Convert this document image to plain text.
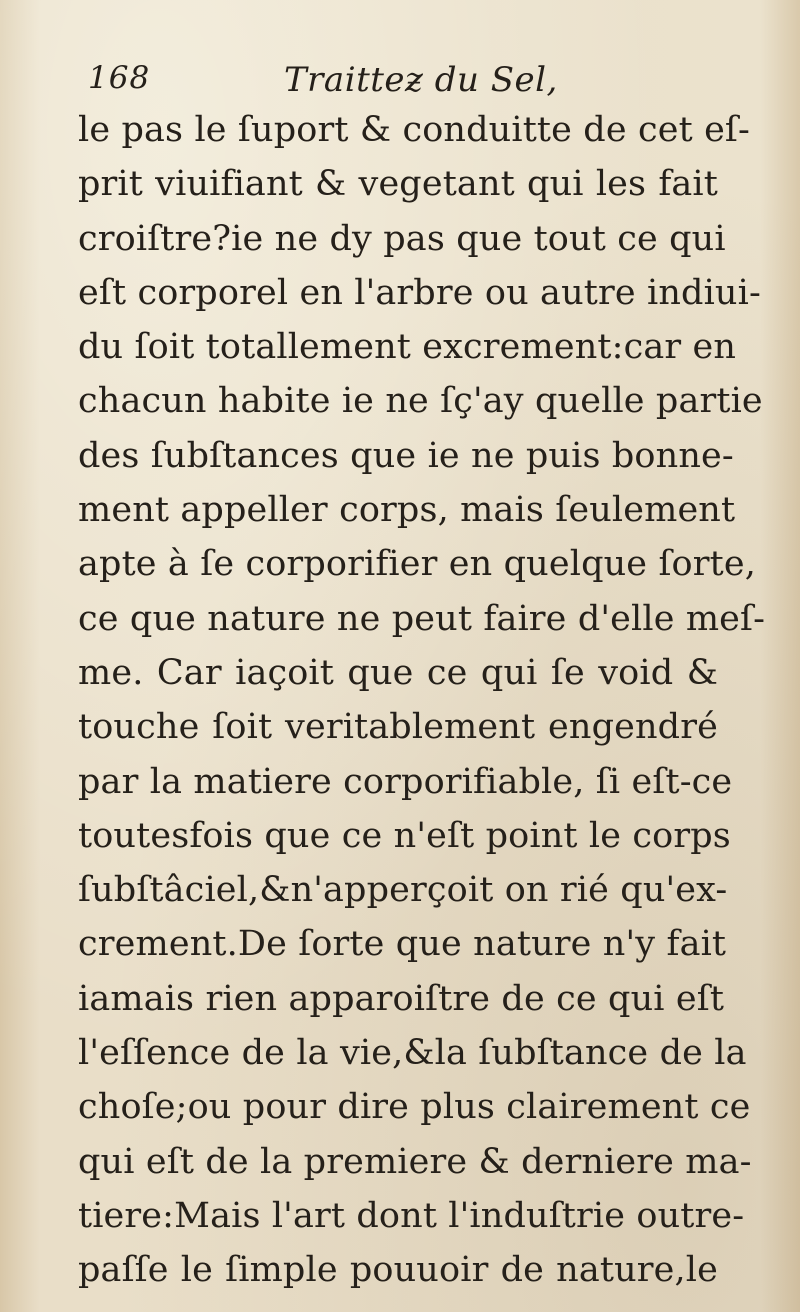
168	Traitteƶ du Sel,
le pas le ſuport & conduitte de cet eſ-
prit viuifiant & vegetant qui les fait
croiſtre?ie ne dy pas que tout ce qui
eſt corporel en l'arbre ou autre indiui-
du ſoit totallement excrement:car en
chacun habite ie ne ſç'ay quelle partie
des ſubſtances que ie ne puis bonne-
ment appeller corps, mais ſeulement
apte à ſe corporifier en quelque ſorte,
ce que nature ne peut faire d'elle meſ-
me. Car iaçoit que ce qui ſe void &
touche ſoit veritablement engendré
par la matiere corporifiable, ſi eſt-ce
toutesfois que ce n'eſt point le corps
ſubſtâciel,&n'apperçoit on rié qu'ex-
crement.De ſorte que nature n'y fait
iamais rien apparoiſtre de ce qui eſt
l'eſſence de la vie,&la ſubſtance de la
choſe;ou pour dire plus clairement ce
qui eſt de la premiere & derniere ma-
tiere:Mais l'art dont l'induſtrie outre-
paſſe le ſimple pouuoir de nature,le
